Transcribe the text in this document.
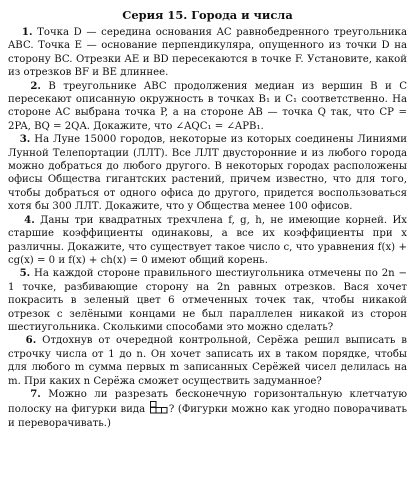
Серия 15. Города и числа

1. Точка D — середина основания AC равнобедренного треугольника ABC. Точка E — основание перпендикуляра, опущенного из точки D на сторону BC. Отрезки AE и BD пересекаются в точке F. Установите, какой из отрезков BF и BE длиннее.

2. В треугольнике ABC продолжения медиан из вершин B и C пересекают описанную окружность в точках B₁ и C₁ соответственно. На стороне AC выбрана точка P, а на стороне AB — точка Q так, что CP = 2PA, BQ = 2QA. Докажите, что ∠AQC₁ = ∠APB₁.

3. На Луне 15000 городов, некоторые из которых соединены Линиями Лунной Телепортации (ЛЛТ). Все ЛЛТ двусторонние и из любого города можно добраться до любого другого. В некоторых городах расположены офисы Общества гигантских растений, причем известно, что для того, чтобы добраться от одного офиса до другого, придется воспользоваться хотя бы 300 ЛЛТ. Докажите, что у Общества менее 100 офисов.

4. Даны три квадратных трехчлена f, g, h, не имеющие корней. Их старшие коэффициенты одинаковы, а все их коэффициенты при x различны. Докажите, что существует такое число c, что уравнения f(x) + cg(x) = 0 и f(x) + ch(x) = 0 имеют общий корень.

5. На каждой стороне правильного шестиугольника отмечены по 2n − 1 точке, разбивающие сторону на 2n равных отрезков. Вася хочет покрасить в зеленый цвет 6 отмеченных точек так, чтобы никакой отрезок с зелёными концами не был параллелен никакой из сторон шестиугольника. Сколькими способами это можно сделать?

6. Отдохнув от очередной контрольной, Серёжа решил выписать в строчку числа от 1 до n. Он хочет записать их в таком порядке, чтобы для любого m сумма первых m записанных Серёжей чисел делилась на m. При каких n Серёжа сможет осуществить задуманное?

7. Можно ли разрезать бесконечную горизонтальную клетчатую полоску на фигурки вида ? (Фигурки можно как угодно поворачивать и переворачивать.)
